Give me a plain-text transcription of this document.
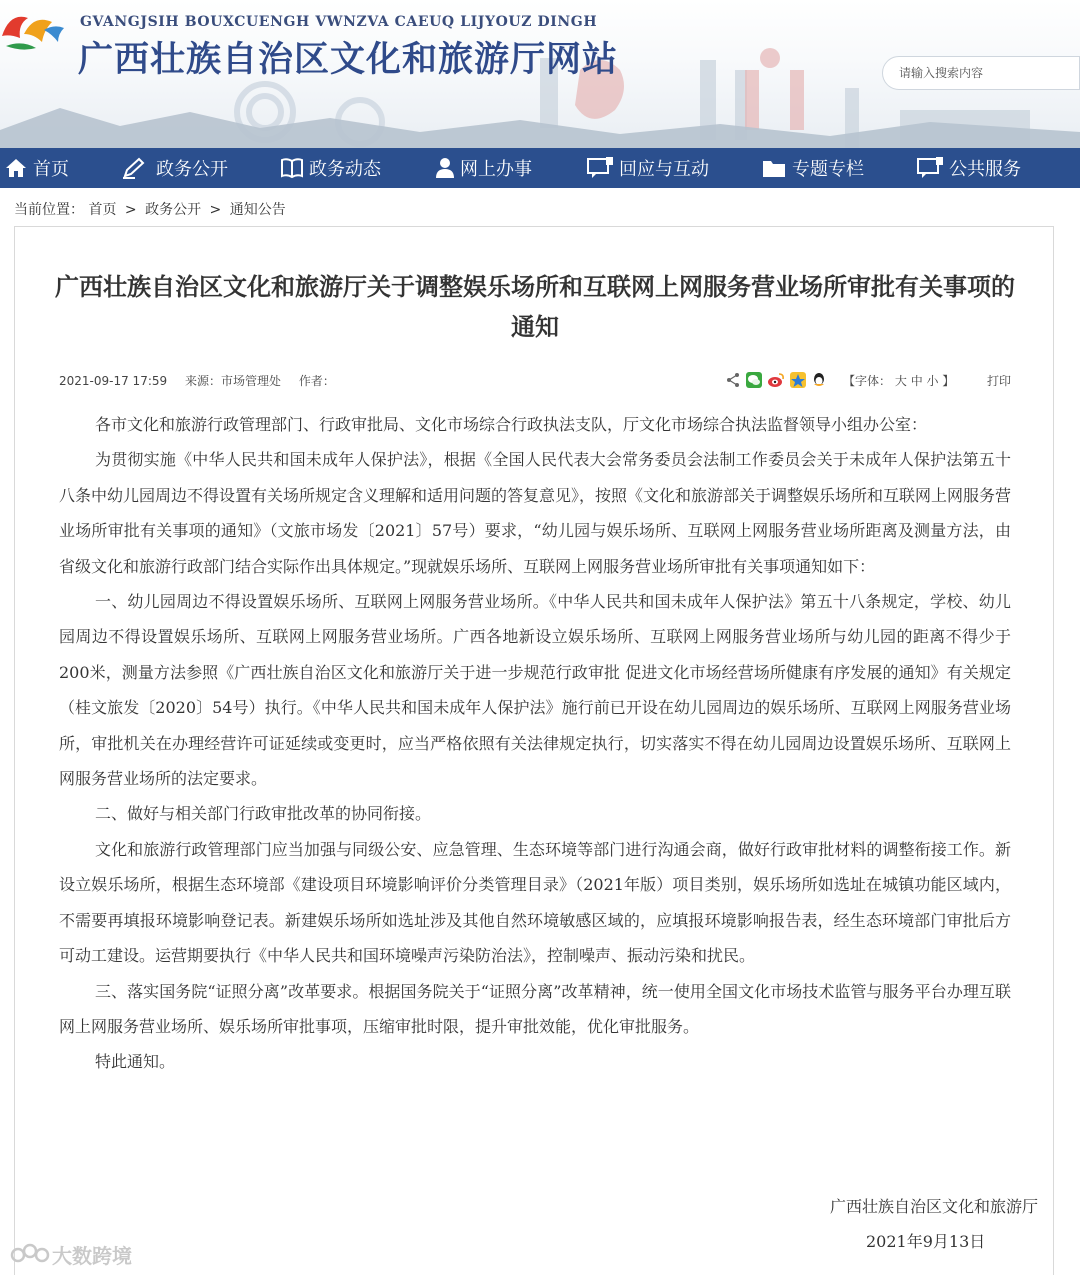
GVANGJSIH BOUXCUENGH VWNZVA CAEUQ LIJYOUZ DINGH
广西壮族自治区文化和旅游厅网站
请输入搜索内容
首页	政务公开	政务动态	网上办事	回应与互动	专题专栏	公共服务
当前位置： 首页 > 政务公开 > 通知公告
广西壮族自治区文化和旅游厅关于调整娱乐场所和互联网上网服务营业场所审批有关事项的通知
2021-09-17 17:59 来源：市场管理处 作者：	【字体： 大 中 小 】	打印

各市文化和旅游行政管理部门、行政审批局、文化市场综合行政执法支队，厅文化市场综合执法监督领导小组办公室：

为贯彻实施《中华人民共和国未成年人保护法》，根据《全国人民代表大会常务委员会法制工作委员会关于未成年人保护法第五十八条中幼儿园周边不得设置有关场所规定含义理解和适用问题的答复意见》，按照《文化和旅游部关于调整娱乐场所和互联网上网服务营业场所审批有关事项的通知》（文旅市场发〔2021〕57号）要求，“幼儿园与娱乐场所、互联网上网服务营业场所距离及测量方法，由省级文化和旅游行政部门结合实际作出具体规定。”现就娱乐场所、互联网上网服务营业场所审批有关事项通知如下：

一、幼儿园周边不得设置娱乐场所、互联网上网服务营业场所。《中华人民共和国未成年人保护法》第五十八条规定，学校、幼儿园周边不得设置娱乐场所、互联网上网服务营业场所。广西各地新设立娱乐场所、互联网上网服务营业场所与幼儿园的距离不得少于200米，测量方法参照《广西壮族自治区文化和旅游厅关于进一步规范行政审批 促进文化市场经营场所健康有序发展的通知》有关规定（桂文旅发〔2020〕54号）执行。《中华人民共和国未成年人保护法》施行前已开设在幼儿园周边的娱乐场所、互联网上网服务营业场所，审批机关在办理经营许可证延续或变更时，应当严格依照有关法律规定执行，切实落实不得在幼儿园周边设置娱乐场所、互联网上网服务营业场所的法定要求。

二、做好与相关部门行政审批改革的协同衔接。

文化和旅游行政管理部门应当加强与同级公安、应急管理、生态环境等部门进行沟通会商，做好行政审批材料的调整衔接工作。新设立娱乐场所，根据生态环境部《建设项目环境影响评价分类管理目录》（2021年版）项目类别，娱乐场所如选址在城镇功能区域内，不需要再填报环境影响登记表。新建娱乐场所如选址涉及其他自然环境敏感区域的，应填报环境影响报告表，经生态环境部门审批后方可动工建设。运营期要执行《中华人民共和国环境噪声污染防治法》，控制噪声、振动污染和扰民。

三、落实国务院“证照分离”改革要求。根据国务院关于“证照分离”改革精神，统一使用全国文化市场技术监管与服务平台办理互联网上网服务营业场所、娱乐场所审批事项，压缩审批时限，提升审批效能，优化审批服务。

特此通知。

广西壮族自治区文化和旅游厅
2021年9月13日
大数跨境
